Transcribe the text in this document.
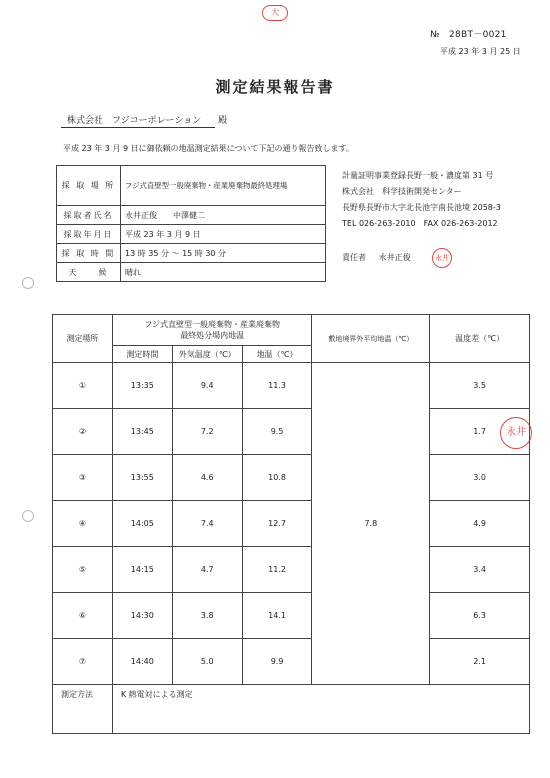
大
№　28BT－0021
平成 23 年 3 月 25 日
測定結果報告書
株式会社　フジコーポレーション 殿
平成 23 年 3 月 9 日に御依頼の地温測定結果について下記の通り報告致します。
採 取 場 所	フジ式直壁型一般廃棄物・産業廃棄物最終処理場
採取者氏名	永井正俊　　中澤健二
採取年月日	平成 23 年 3 月 9 日
採 取 時 間	13 時 35 分 ～ 15 時 30 分
天　　候	晴れ
計量証明事業登録長野一般・濃度第 31 号
株式会社　科学技術開発センター
長野県長野市大字北長池字南長池境 2058-3
TEL 026-263-2010　FAX 026-263-2012
責任者 永井正俊	永井
永井
測定場所	フジ式直壁型一般廃棄物・産業廃棄物
最終処分場内地温			敷地境界外平均地温（℃）	温度差（℃）
	測定時間	外気温度（℃）	地温（℃）		
①	13:35	9.4	11.3	7.8	3.5
②	13:45	7.2	9.5		1.7
③	13:55	4.6	10.8		3.0
④	14:05	7.4	12.7		4.9
⑤	14:15	4.7	11.2		3.4
⑥	14:30	3.8	14.1		6.3
⑦	14:40	5.0	9.9		2.1
測定方法	K 熱電対による測定				
